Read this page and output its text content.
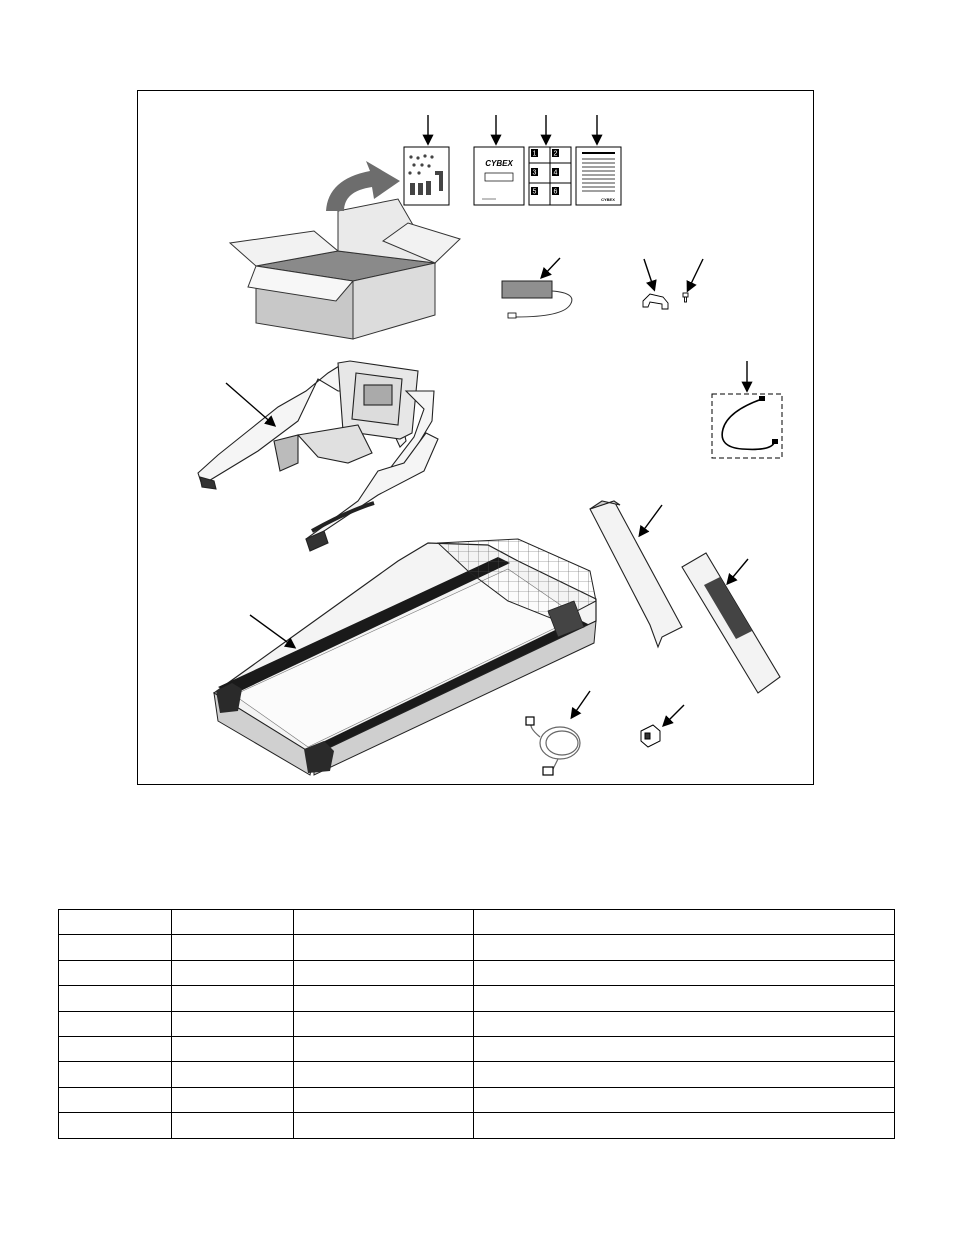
CYBEX
1 2
3 4
5 6
CYBEX
